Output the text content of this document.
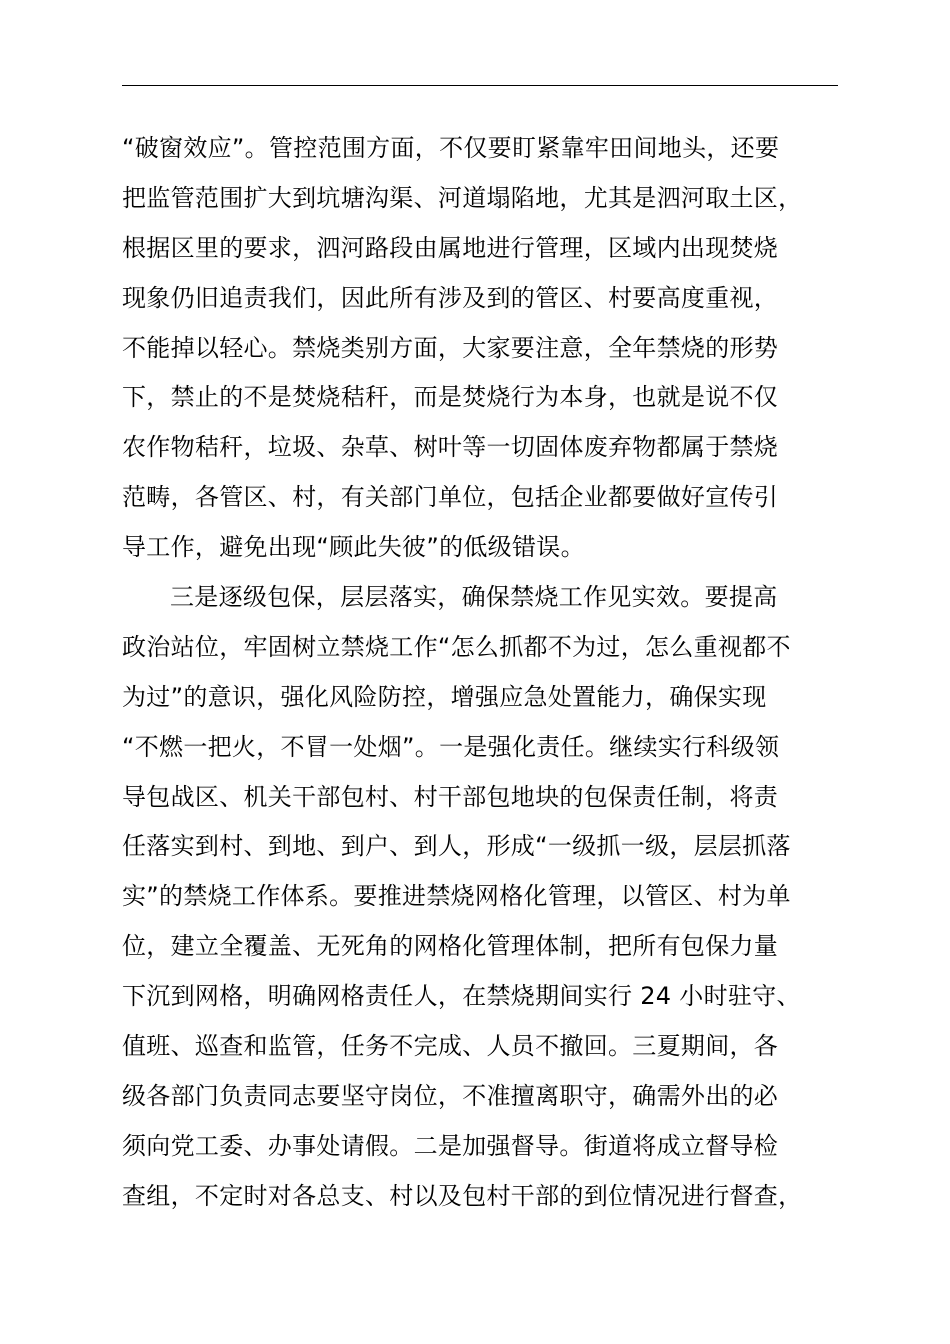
“破窗效应”。管控范围方面，不仅要盯紧靠牢田间地头，还要
把监管范围扩大到坑塘沟渠、河道塌陷地，尤其是泗河取土区，
根据区里的要求，泗河路段由属地进行管理，区域内出现焚烧
现象仍旧追责我们，因此所有涉及到的管区、村要高度重视，
不能掉以轻心。禁烧类别方面，大家要注意，全年禁烧的形势
下，禁止的不是焚烧秸秆，而是焚烧行为本身，也就是说不仅
农作物秸秆，垃圾、杂草、树叶等一切固体废弃物都属于禁烧
范畴，各管区、村，有关部门单位，包括企业都要做好宣传引
导工作，避免出现“顾此失彼”的低级错误。
三是逐级包保，层层落实，确保禁烧工作见实效。要提高
政治站位，牢固树立禁烧工作“怎么抓都不为过，怎么重视都不
为过”的意识，强化风险防控，增强应急处置能力，确保实现
“不燃一把火，不冒一处烟”。一是强化责任。继续实行科级领
导包战区、机关干部包村、村干部包地块的包保责任制，将责
任落实到村、到地、到户、到人，形成“一级抓一级，层层抓落
实”的禁烧工作体系。要推进禁烧网格化管理，以管区、村为单
位，建立全覆盖、无死角的网格化管理体制，把所有包保力量
下沉到网格，明确网格责任人，在禁烧期间实行 24 小时驻守、
值班、巡查和监管，任务不完成、人员不撤回。三夏期间，各
级各部门负责同志要坚守岗位，不准擅离职守，确需外出的必
须向党工委、办事处请假。二是加强督导。街道将成立督导检
查组，不定时对各总支、村以及包村干部的到位情况进行督查，
